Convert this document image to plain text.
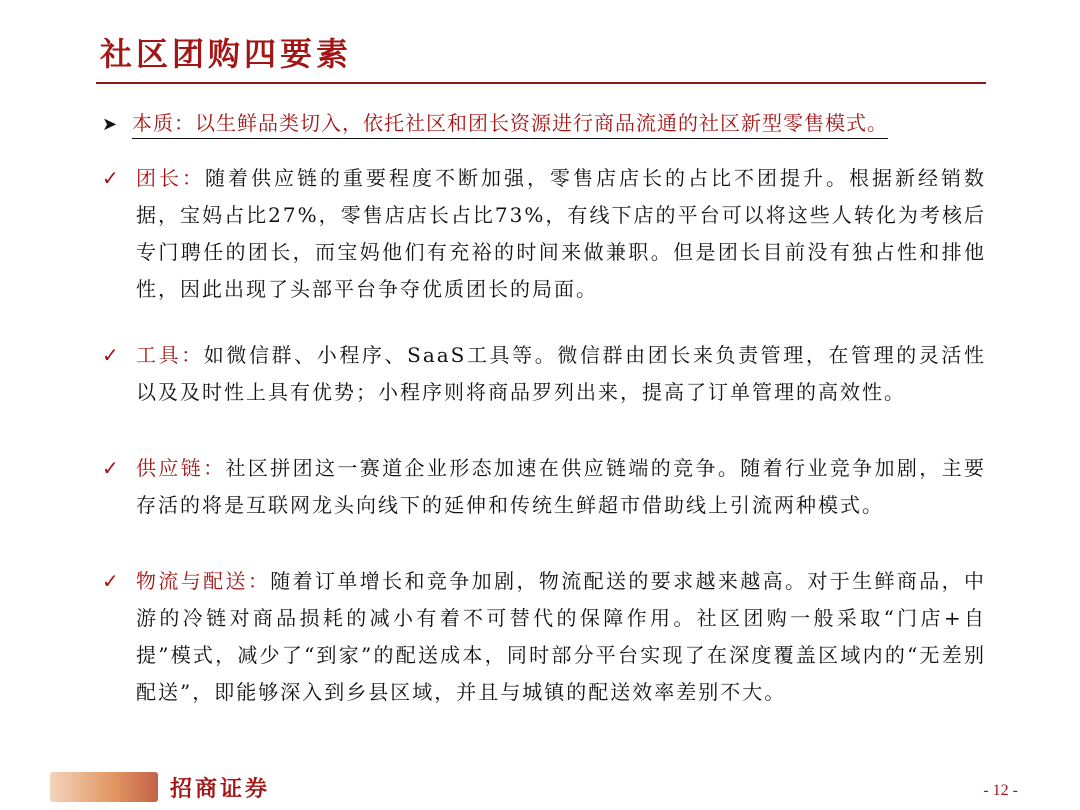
社区团购四要素
➤ 本质：以生鲜品类切入，依托社区和团长资源进行商品流通的社区新型零售模式。
✓ 团长：随着供应链的重要程度不断加强，零售店店长的占比不团提升。根据新经销数据，宝妈占比27%，零售店店长占比73%，有线下店的平台可以将这些人转化为考核后专门聘任的团长，而宝妈他们有充裕的时间来做兼职。但是团长目前没有独占性和排他性，因此出现了头部平台争夺优质团长的局面。
✓ 工具：如微信群、小程序、SaaS工具等。微信群由团长来负责管理，在管理的灵活性以及及时性上具有优势；小程序则将商品罗列出来，提高了订单管理的高效性。
✓ 供应链：社区拼团这一赛道企业形态加速在供应链端的竞争。随着行业竞争加剧，主要存活的将是互联网龙头向线下的延伸和传统生鲜超市借助线上引流两种模式。
✓ 物流与配送：随着订单增长和竞争加剧，物流配送的要求越来越高。对于生鲜商品，中游的冷链对商品损耗的减小有着不可替代的保障作用。社区团购一般采取“门店+自提”模式，减少了“到家”的配送成本，同时部分平台实现了在深度覆盖区域内的“无差别配送”，即能够深入到乡县区域，并且与城镇的配送效率差别不大。
招商证券	- 12 -
